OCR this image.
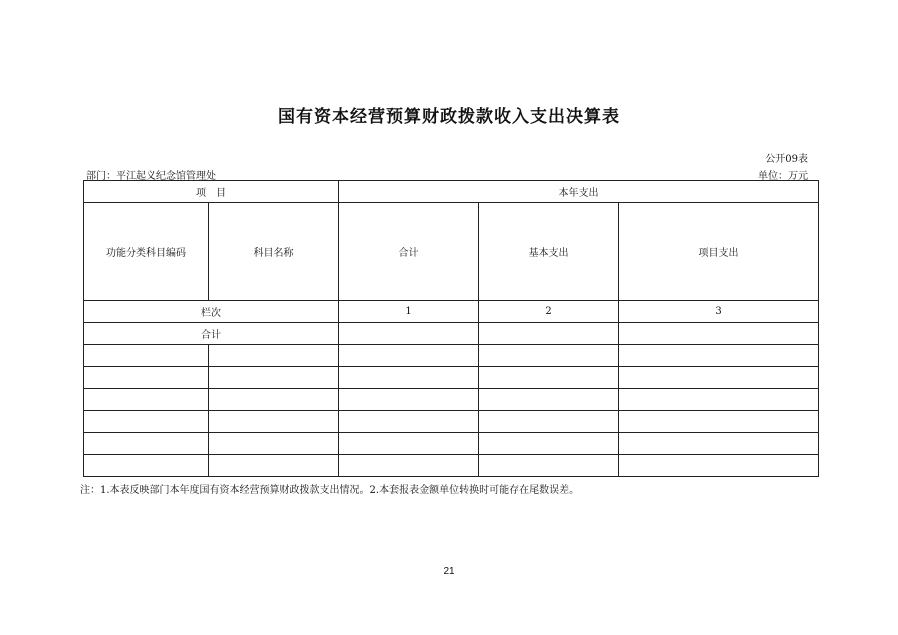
国有资本经营预算财政拨款收入支出决算表
公开09表
部门：平江起义纪念馆管理处	单位：万元
项　目		本年支出		
功能分类科目编码	科目名称	合计	基本支出	项目支出
栏次		1	2	3
合计				

注：1.本表反映部门本年度国有资本经营预算财政拨款支出情况。2.本套报表金额单位转换时可能存在尾数误差。
21
